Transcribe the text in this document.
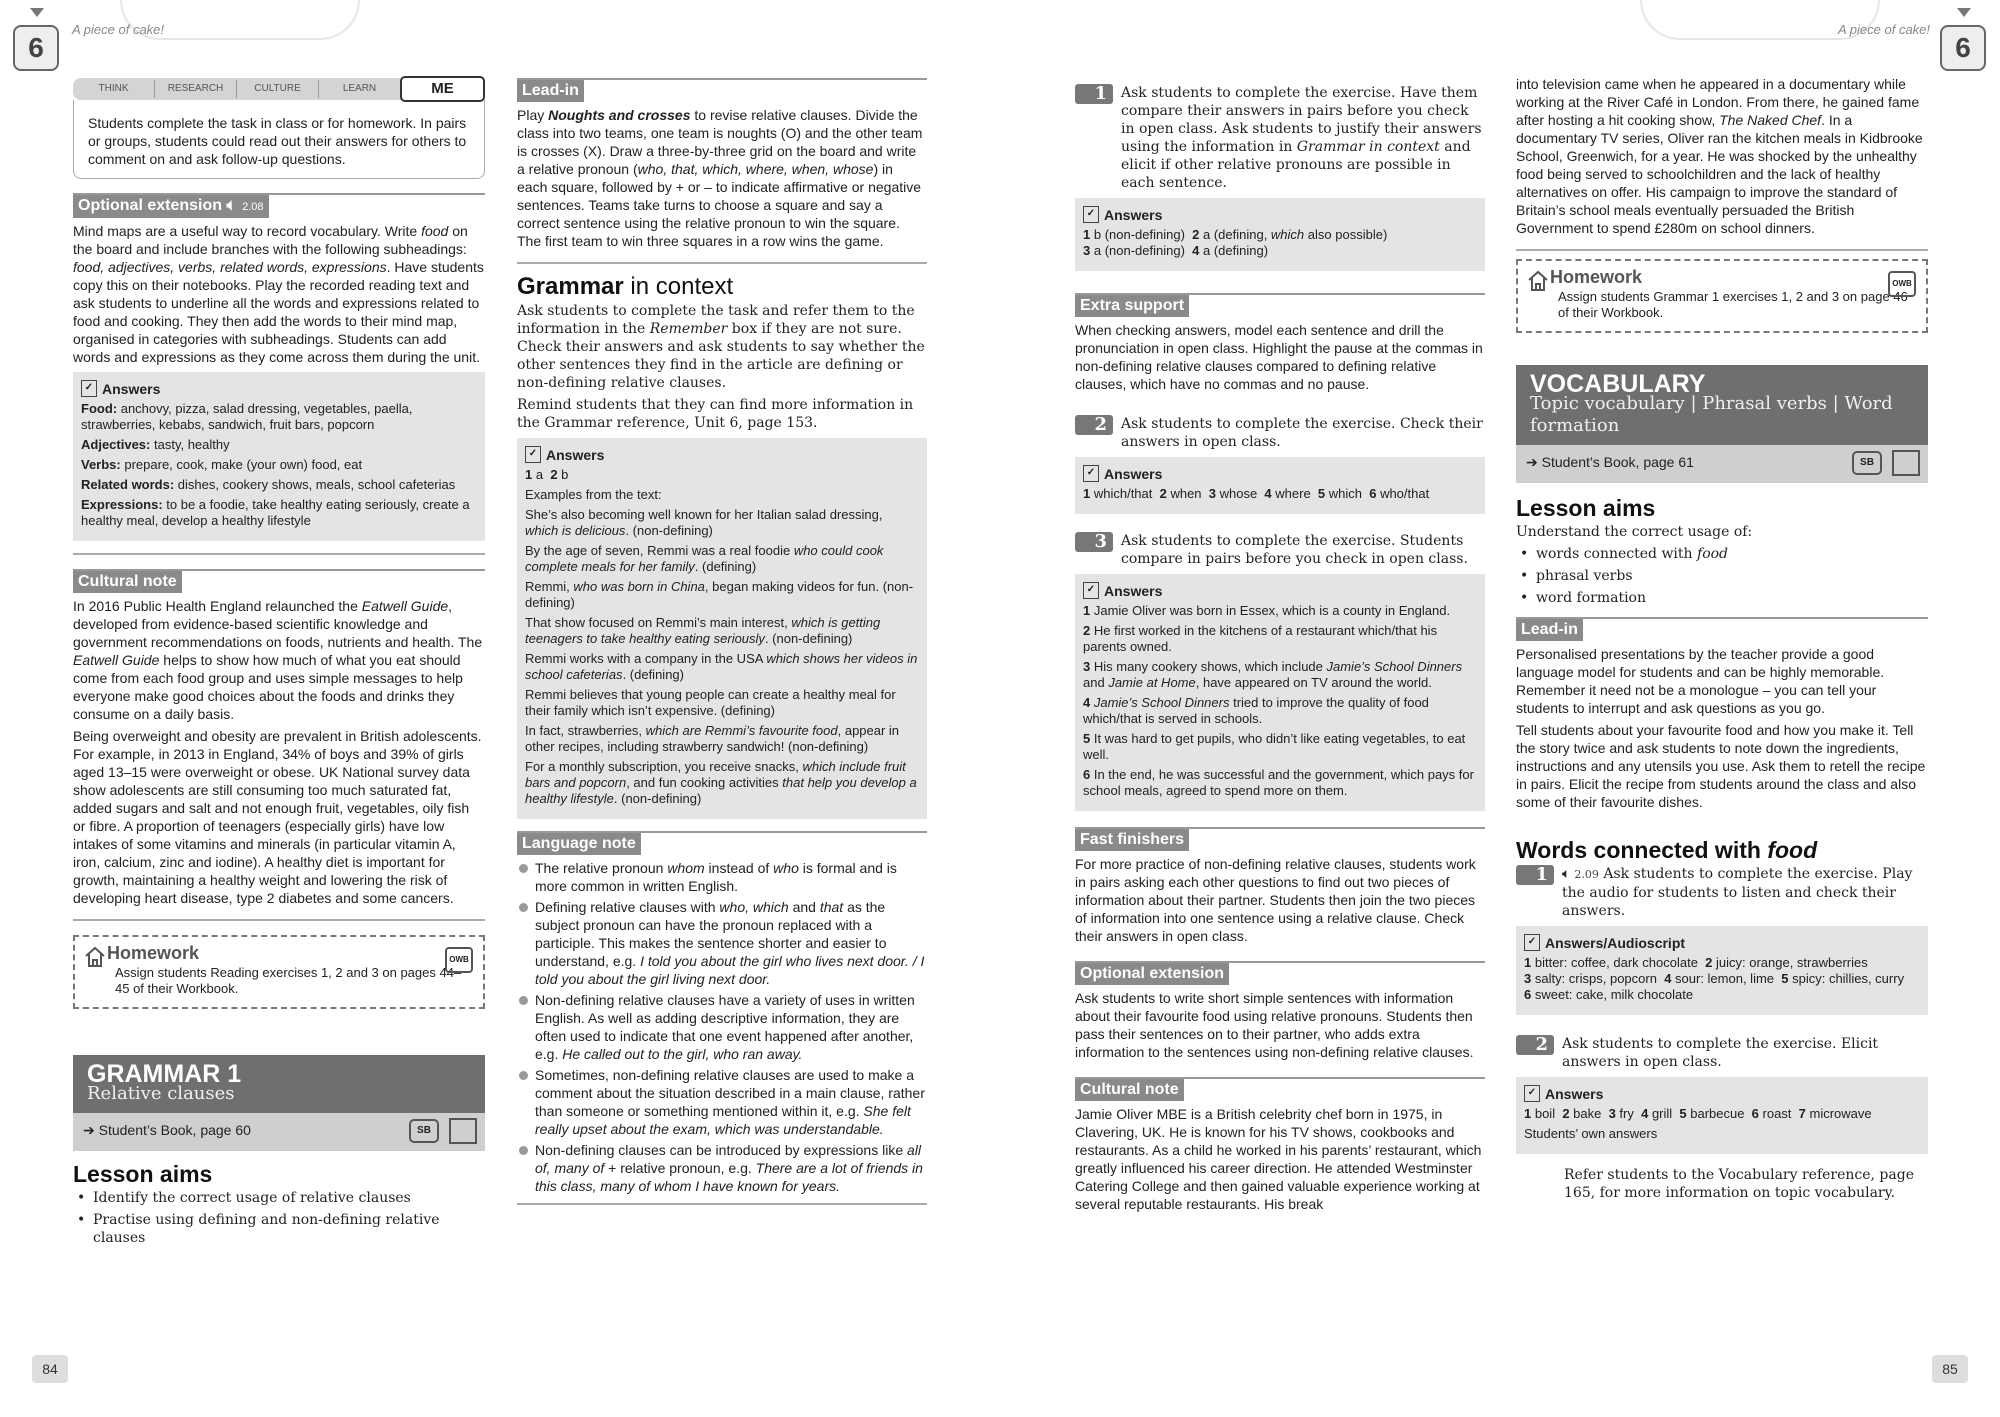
6
A piece of cake!
6
A piece of cake!
THINK	RESEARCH	CULTURE	LEARN	ME
Students complete the task in class or for homework. In pairs or groups, students could read out their answers for others to comment on and ask follow-up questions.
Optional extension 🔈︎ 2.08

Mind maps are a useful way to record vocabulary. Write food on the board and include branches with the following subheadings: food, adjectives, verbs, related words, expressions. Have students copy this on their notebooks. Play the recorded reading text and ask students to underline all the words and expressions related to food and cooking. They then add the words to their mind map, organised in categories with subheadings. Students can add words and expressions as they come across them during the unit.

✓ Answers

Food: anchovy, pizza, salad dressing, vegetables, paella, strawberries, kebabs, sandwich, fruit bars, popcorn

Adjectives: tasty, healthy

Verbs: prepare, cook, make (your own) food, eat

Related words: dishes, cookery shows, meals, school cafeterias

Expressions: to be a foodie, take healthy eating seriously, create a healthy meal, develop a healthy lifestyle

Cultural note

In 2016 Public Health England relaunched the Eatwell Guide, developed from evidence-based scientific knowledge and government recommendations on foods, nutrients and health. The Eatwell Guide helps to show how much of what you eat should come from each food group and uses simple messages to help everyone make good choices about the foods and drinks they consume on a daily basis.

Being overweight and obesity are prevalent in British adolescents. For example, in 2013 in England, 34% of boys and 39% of girls aged 13–15 were overweight or obese. UK National survey data show adolescents are still consuming too much saturated fat, added sugars and salt and not enough fruit, vegetables, oily fish or fibre. A proportion of teenagers (especially girls) have low intakes of some vitamins and minerals (in particular vitamin A, iron, calcium, zinc and iodine). A healthy diet is important for growth, maintaining a healthy weight and lowering the risk of developing heart disease, type 2 diabetes and some cancers.

Homework
Assign students Reading exercises 1, 2 and 3 on pages 44–45 of their Workbook.
OWB
GRAMMAR 1
Relative clauses
➔ Student’s Book, page 60	SB
Lesson aims
• Identify the correct usage of relative clauses
• Practise using defining and non-defining relative clauses
84
Lead-in

Play Noughts and crosses to revise relative clauses. Divide the class into two teams, one team is noughts (O) and the other team is crosses (X). Draw a three-by-three grid on the board and write a relative pronoun (who, that, which, where, when, whose) in each square, followed by + or – to indicate affirmative or negative sentences. Teams take turns to choose a square and say a correct sentence using the relative pronoun to win the square. The first team to win three squares in a row wins the game.

Grammar in context

Ask students to complete the task and refer them to the information in the Remember box if they are not sure. Check their answers and ask students to say whether the other sentences they find in the article are defining or non-defining relative clauses.

Remind students that they can find more information in the Grammar reference, Unit 6, page 153.

✓ Answers

1 a  2 b

Examples from the text:

She’s also becoming well known for her Italian salad dressing, which is delicious. (non-defining)

By the age of seven, Remmi was a real foodie who could cook complete meals for her family. (defining)

Remmi, who was born in China, began making videos for fun. (non-defining)

That show focused on Remmi’s main interest, which is getting teenagers to take healthy eating seriously. (non-defining)

Remmi works with a company in the USA which shows her videos in school cafeterias. (defining)

Remmi believes that young people can create a healthy meal for their family which isn’t expensive. (defining)

In fact, strawberries, which are Remmi’s favourite food, appear in other recipes, including strawberry sandwich! (non-defining)

For a monthly subscription, you receive snacks, which include fruit bars and popcorn, and fun cooking activities that help you develop a healthy lifestyle. (non-defining)

Language note
The relative pronoun whom instead of who is formal and is more common in written English.
Defining relative clauses with who, which and that as the subject pronoun can have the pronoun replaced with a participle. This makes the sentence shorter and easier to understand, e.g. I told you about the girl who lives next door. / I told you about the girl living next door.
Non-defining relative clauses have a variety of uses in written English. As well as adding descriptive information, they are often used to indicate that one event happened after another, e.g. He called out to the girl, who ran away.
Sometimes, non-defining relative clauses are used to make a comment about the situation described in a main clause, rather than someone or something mentioned within it, e.g. She felt really upset about the exam, which was understandable.
Non-defining clauses can be introduced by expressions like all of, many of + relative pronoun, e.g. There are a lot of friends in this class, many of whom I have known for years.
1	Ask students to complete the exercise. Have them compare their answers in pairs before you check in open class. Ask students to justify their answers using the information in Grammar in context and elicit if other relative pronouns are possible in each sentence.
✓ Answers

1 b (non-defining)  2 a (defining, which also possible)
3 a (non-defining)  4 a (defining)

Extra support

When checking answers, model each sentence and drill the pronunciation in open class. Highlight the pause at the commas in non-defining relative clauses compared to defining relative clauses, which have no commas and no pause.

2	Ask students to complete the exercise. Check their answers in open class.
✓ Answers

1 which/that  2 when  3 whose  4 where  5 which  6 who/that

3	Ask students to complete the exercise. Students compare in pairs before you check in open class.
✓ Answers

1 Jamie Oliver was born in Essex, which is a county in England.

2 He first worked in the kitchens of a restaurant which/that his parents owned.

3 His many cookery shows, which include Jamie’s School Dinners and Jamie at Home, have appeared on TV around the world.

4 Jamie’s School Dinners tried to improve the quality of food which/that is served in schools.

5 It was hard to get pupils, who didn’t like eating vegetables, to eat well.

6 In the end, he was successful and the government, which pays for school meals, agreed to spend more on them.

Fast finishers

For more practice of non-defining relative clauses, students work in pairs asking each other questions to find out two pieces of information about their partner. Students then join the two pieces of information into one sentence using a relative clause. Check their answers in open class.

Optional extension

Ask students to write short simple sentences with information about their favourite food using relative pronouns. Students then pass their sentences on to their partner, who adds extra information to the sentences using non-defining relative clauses.

Cultural note

Jamie Oliver MBE is a British celebrity chef born in 1975, in Clavering, UK. He is known for his TV shows, cookbooks and restaurants. As a child he worked in his parents’ restaurant, which greatly influenced his career direction. He attended Westminster Catering College and then gained valuable experience working at several reputable restaurants. His break

into television came when he appeared in a documentary while working at the River Café in London. From there, he gained fame after hosting a hit cooking show, The Naked Chef. In a documentary TV series, Oliver ran the kitchen meals in Kidbrooke School, Greenwich, for a year. He was shocked by the unhealthy food being served to schoolchildren and the lack of healthy alternatives on offer. His campaign to improve the standard of Britain’s school meals eventually persuaded the British Government to spend £280m on school dinners.

Homework
Assign students Grammar 1 exercises 1, 2 and 3 on page 46 of their Workbook.
OWB
VOCABULARY
Topic vocabulary | Phrasal verbs | Word formation
➔ Student’s Book, page 61	SB
Lesson aims

Understand the correct usage of:

• words connected with food
• phrasal verbs
• word formation
Lead-in

Personalised presentations by the teacher provide a good language model for students and can be highly memorable. Remember it need not be a monologue – you can tell your students to interrupt and ask questions as you go.

Tell students about your favourite food and how you make it. Tell the story twice and ask students to note down the ingredients, instructions and any utensils you use. Ask them to retell the recipe in pairs. Elicit the recipe from students around the class and also some of their favourite dishes.

Words connected with food
1	🔈︎ 2.09 Ask students to complete the exercise. Play the audio for students to listen and check their answers.
✓ Answers/Audioscript

1 bitter: coffee, dark chocolate  2 juicy: orange, strawberries
3 salty: crisps, popcorn  4 sour: lemon, lime  5 spicy: chillies, curry
6 sweet: cake, milk chocolate

2	Ask students to complete the exercise. Elicit answers in open class.
✓ Answers

1 boil  2 bake  3 fry  4 grill  5 barbecue  6 roast  7 microwave

Students’ own answers

Refer students to the Vocabulary reference, page 165, for more information on topic vocabulary.

85
